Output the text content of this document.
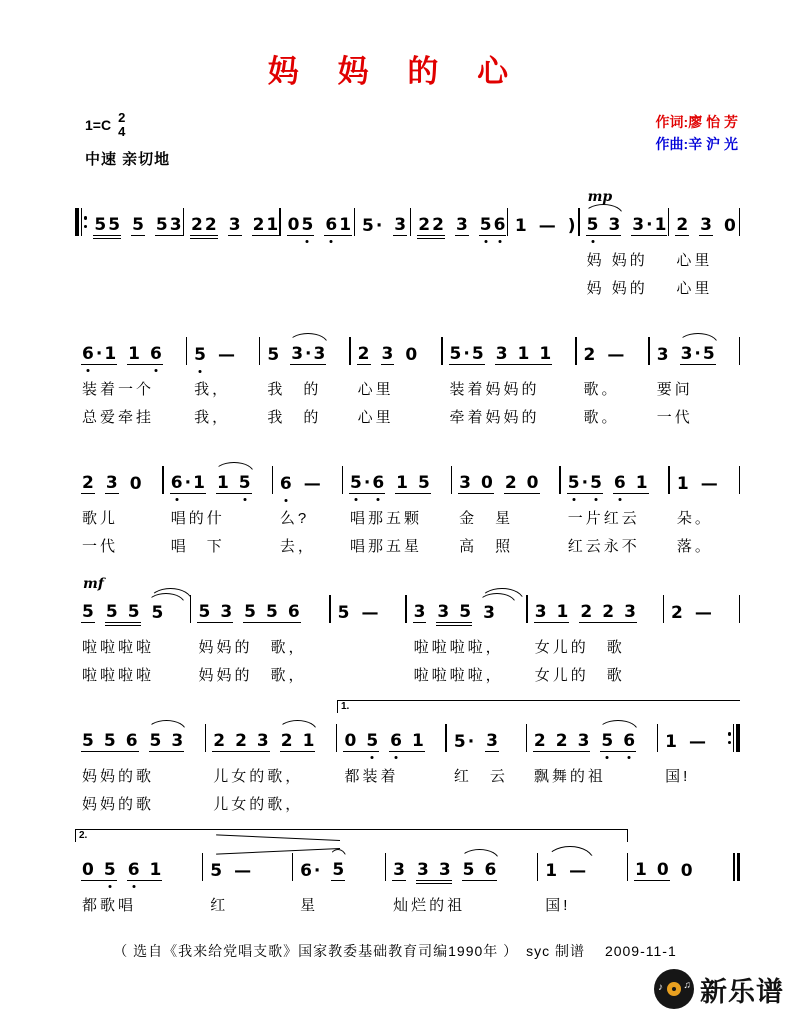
妈 妈 的 心
1=C 2
4
中速 亲切地
作词:廖 怡 芳
作曲:辛 沪 光
5 5 5 5 3 2 2 3 2 1 0 5 6 1 5 · 3 2 2 3 5 6 1 — )
mp
5
3 3 · 1
妈 妈的
妈 妈的
2 3 0
心里
心里
6 · 1 1
6
装着一个
总爱牵挂
5 —
我，
我，
5 3 · 3
我　的
我　的
2 3 0
心里
心里
5 · 5 3
1
1
装着妈妈的
牵着妈妈的
2 —
歌。
歌。
3 3 · 5
要问
一代
2 3 0
歌儿
一代
6 · 1 1
5
唱的什
唱　下
6 —
么?
去，
5 · 6 1
5
唱那五颗
唱那五星
3
0 2
0
金　星
高　照
5 · 5 6
1
一片红云
红云永不
1 —
朵。
落。
mf
5 5
5 5
啦啦啦啦
啦啦啦啦
5
3 5
5
6
妈妈的　歌，
妈妈的　歌，
5 — 3 3
5 3
啦啦啦啦，
啦啦啦啦，
3
1 2
2
3
女儿的　歌
女儿的　歌
2 —
5
5
6 5
3
妈妈的歌
妈妈的歌
2
2
3 2
1
儿女的歌，
儿女的歌，
0
5 6
1
都装着
5 · 3
红　云
2
2
3 5
6
飘舞的祖
1 —
国!
1.
0
5 6
1
都歌唱
5 —
红
6 · 5
星
3 3
3 5
6
灿烂的祖
1 —
国!
1
0 0
2.
（ 选自《我来给党唱支歌》国家教委基础教育司编1990年 ）　syc 制谱　 2009-11-1
♪ ♫ 新乐谱
